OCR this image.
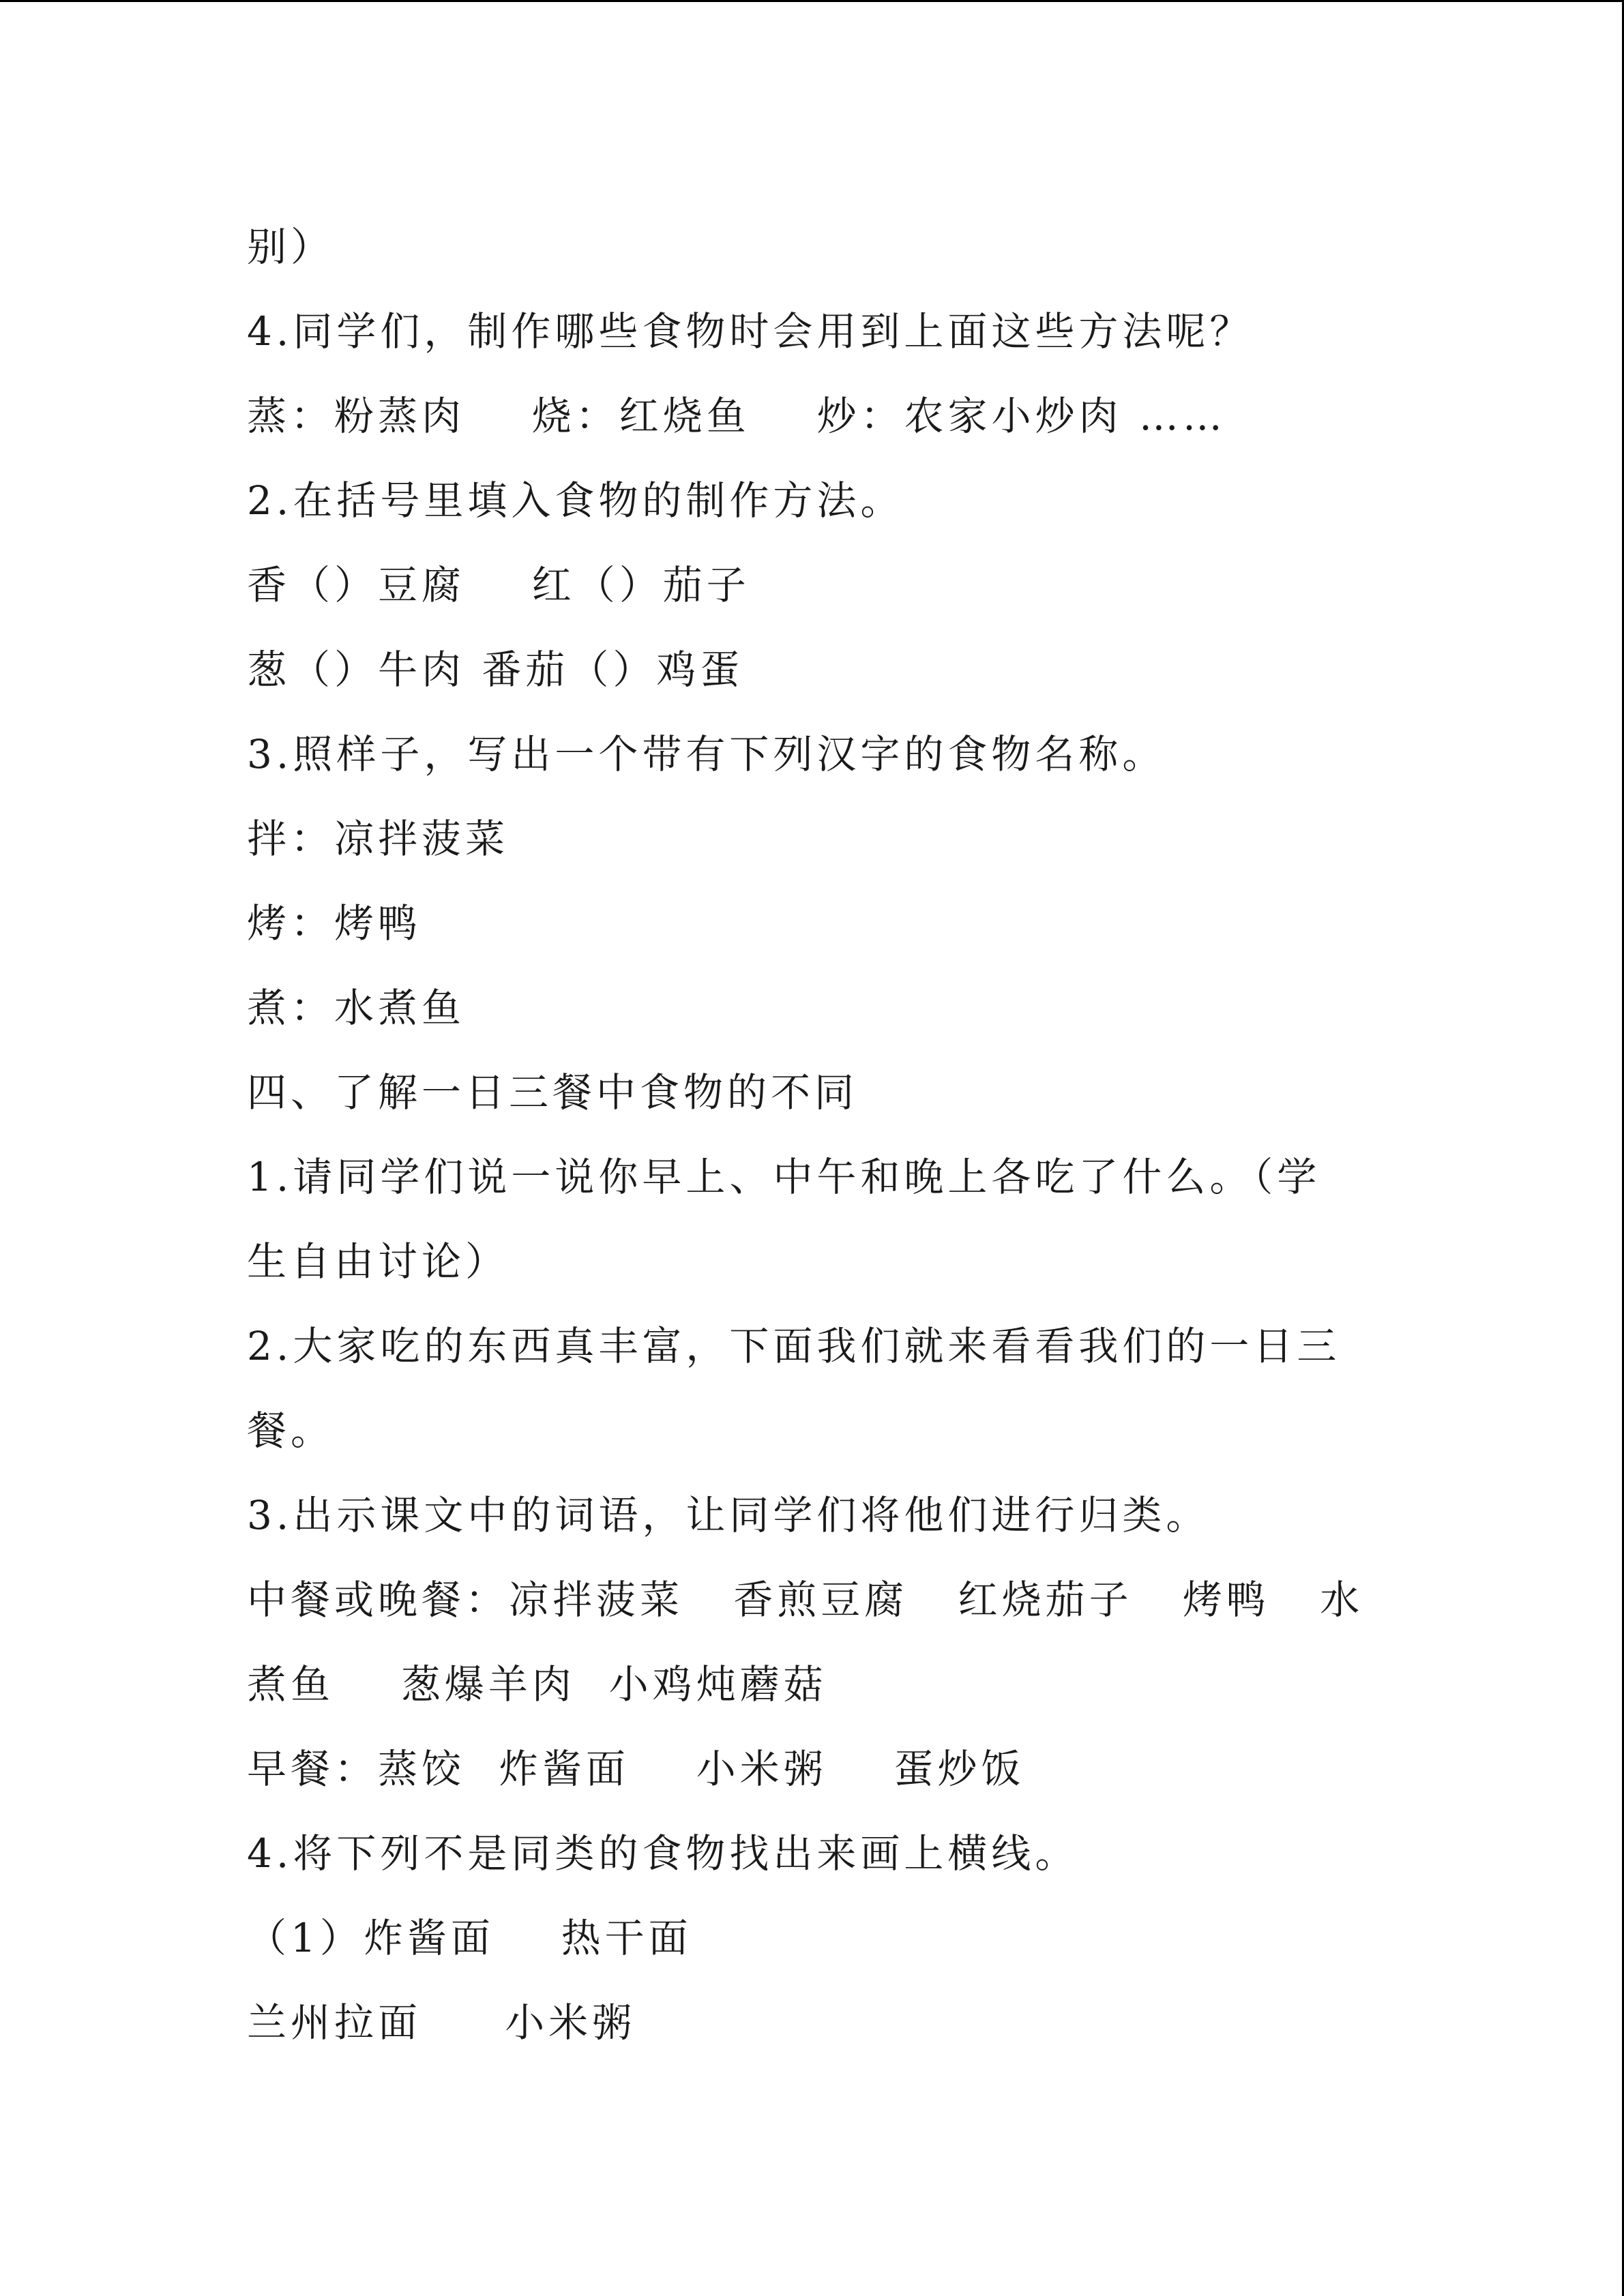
别）
4.同学们，制作哪些食物时会用到上面这些方法呢？
蒸：粉蒸肉    烧：红烧鱼    炒：农家小炒肉 ……
2.在括号里填入食物的制作方法。
香（）豆腐    红（）茄子
葱（）牛肉 番茄（）鸡蛋
3.照样子，写出一个带有下列汉字的食物名称。
拌：凉拌菠菜
烤：烤鸭
煮：水煮鱼
四、了解一日三餐中食物的不同
1.请同学们说一说你早上、中午和晚上各吃了什么。（学
生自由讨论）
2.大家吃的东西真丰富，下面我们就来看看我们的一日三
餐。
3.出示课文中的词语，让同学们将他们进行归类。
中餐或晚餐：凉拌菠菜   香煎豆腐   红烧茄子   烤鸭   水
煮鱼    葱爆羊肉  小鸡炖蘑菇
早餐：蒸饺  炸酱面    小米粥    蛋炒饭
4.将下列不是同类的食物找出来画上横线。
（1）炸酱面    热干面
兰州拉面     小米粥
